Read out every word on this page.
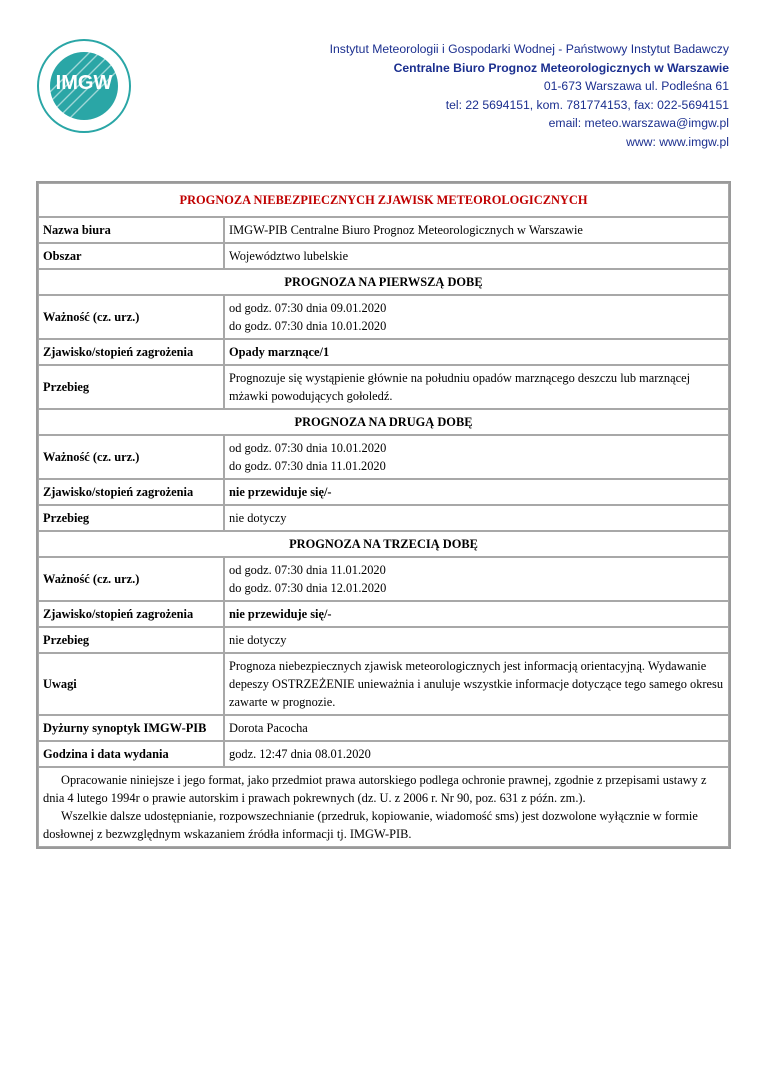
IMGW
Instytut Meteorologii i Gospodarki Wodnej - Państwowy Instytut Badawczy
Centralne Biuro Prognoz Meteorologicznych w Warszawie
01-673 Warszawa ul. Podleśna 61
tel: 22 5694151, kom. 781774153, fax: 022-5694151
email: meteo.warszawa@imgw.pl
www: www.imgw.pl
PROGNOZA NIEBEZPIECZNYCH ZJAWISK METEOROLOGICZNYCH	
Nazwa biura	IMGW-PIB Centralne Biuro Prognoz Meteorologicznych w Warszawie
Obszar	Województwo lubelskie
PROGNOZA NA PIERWSZĄ DOBĘ	
Ważność (cz. urz.)	od godz. 07:30 dnia 09.01.2020
do godz. 07:30 dnia 10.01.2020

Zjawisko/stopień zagrożenia	Opady marznące/1
Przebieg	Prognozuje się wystąpienie głównie na południu opadów marznącego deszczu lub marznącej mżawki powodujących gołoledź.
PROGNOZA NA DRUGĄ DOBĘ	
Ważność (cz. urz.)	od godz. 07:30 dnia 10.01.2020
do godz. 07:30 dnia 11.01.2020

Zjawisko/stopień zagrożenia	nie przewiduje się/-
Przebieg	nie dotyczy
PROGNOZA NA TRZECIĄ DOBĘ	
Ważność (cz. urz.)	od godz. 07:30 dnia 11.01.2020
do godz. 07:30 dnia 12.01.2020

Zjawisko/stopień zagrożenia	nie przewiduje się/-
Przebieg	nie dotyczy
Uwagi	Prognoza niebezpiecznych zjawisk meteorologicznych jest informacją orientacyjną. Wydawanie depeszy OSTRZEŻENIE unieważnia i anuluje wszystkie informacje dotyczące tego samego okresu zawarte w prognozie.
Dyżurny synoptyk IMGW-PIB	Dorota Pacocha
Godzina i data wydania	godz. 12:47 dnia 08.01.2020

Opracowanie niniejsze i jego format, jako przedmiot prawa autorskiego podlega ochronie prawnej, zgodnie z przepisami ustawy z dnia 4 lutego 1994r o prawie autorskim i prawach pokrewnych (dz. U. z 2006 r. Nr 90, poz. 631 z późn. zm.).

Wszelkie dalsze udostępnianie, rozpowszechnianie (przedruk, kopiowanie, wiadomość sms) jest dozwolone wyłącznie w formie dosłownej z bezwzględnym wskazaniem źródła informacji tj. IMGW-PIB.	
